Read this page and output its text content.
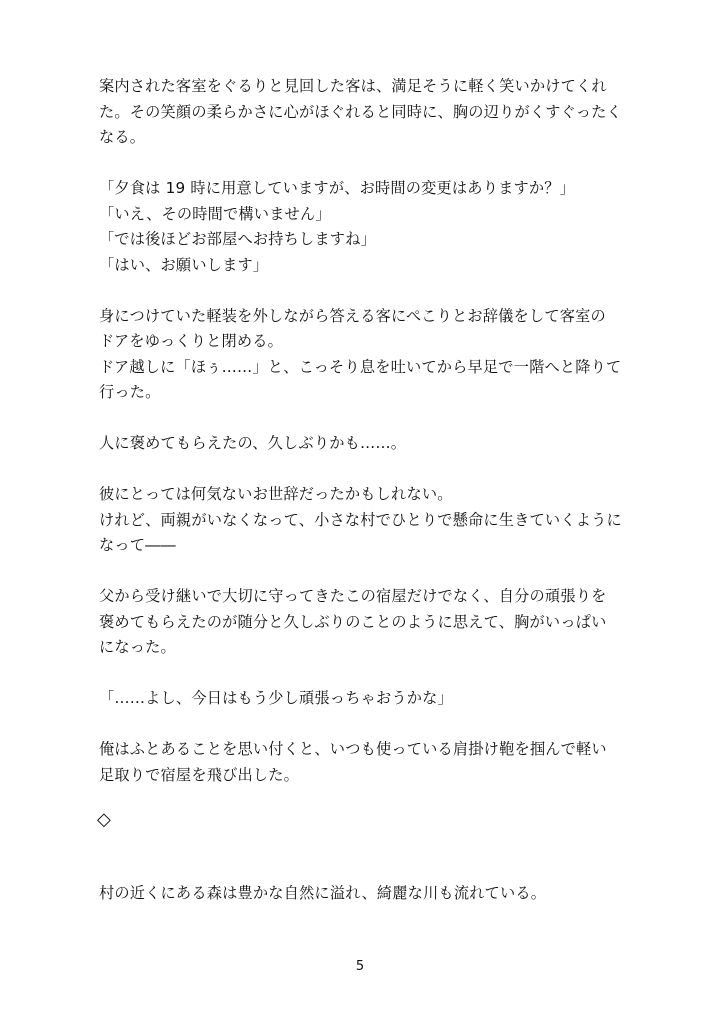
案内された客室をぐるりと見回した客は、満足そうに軽く笑いかけてくれ

た。その笑顔の柔らかさに心がほぐれると同時に、胸の辺りがくすぐったく

なる。

「夕食は 19 時に用意していますが、お時間の変更はありますか？」

「いえ、その時間で構いません」

「では後ほどお部屋へお持ちしますね」

「はい、お願いします」

身につけていた軽装を外しながら答える客にぺこりとお辞儀をして客室の

ドアをゆっくりと閉める。

ドア越しに「ほぅ……」と、こっそり息を吐いてから早足で一階へと降りて

行った。

人に褒めてもらえたの、久しぶりかも……。

彼にとっては何気ないお世辞だったかもしれない。

けれど、両親がいなくなって、小さな村でひとりで懸命に生きていくように

なって――

父から受け継いで大切に守ってきたこの宿屋だけでなく、自分の頑張りを

褒めてもらえたのが随分と久しぶりのことのように思えて、胸がいっぱい

になった。

「……よし、今日はもう少し頑張っちゃおうかな」

俺はふとあることを思い付くと、いつも使っている肩掛け鞄を掴んで軽い

足取りで宿屋を飛び出した。

◇

村の近くにある森は豊かな自然に溢れ、綺麗な川も流れている。

5
